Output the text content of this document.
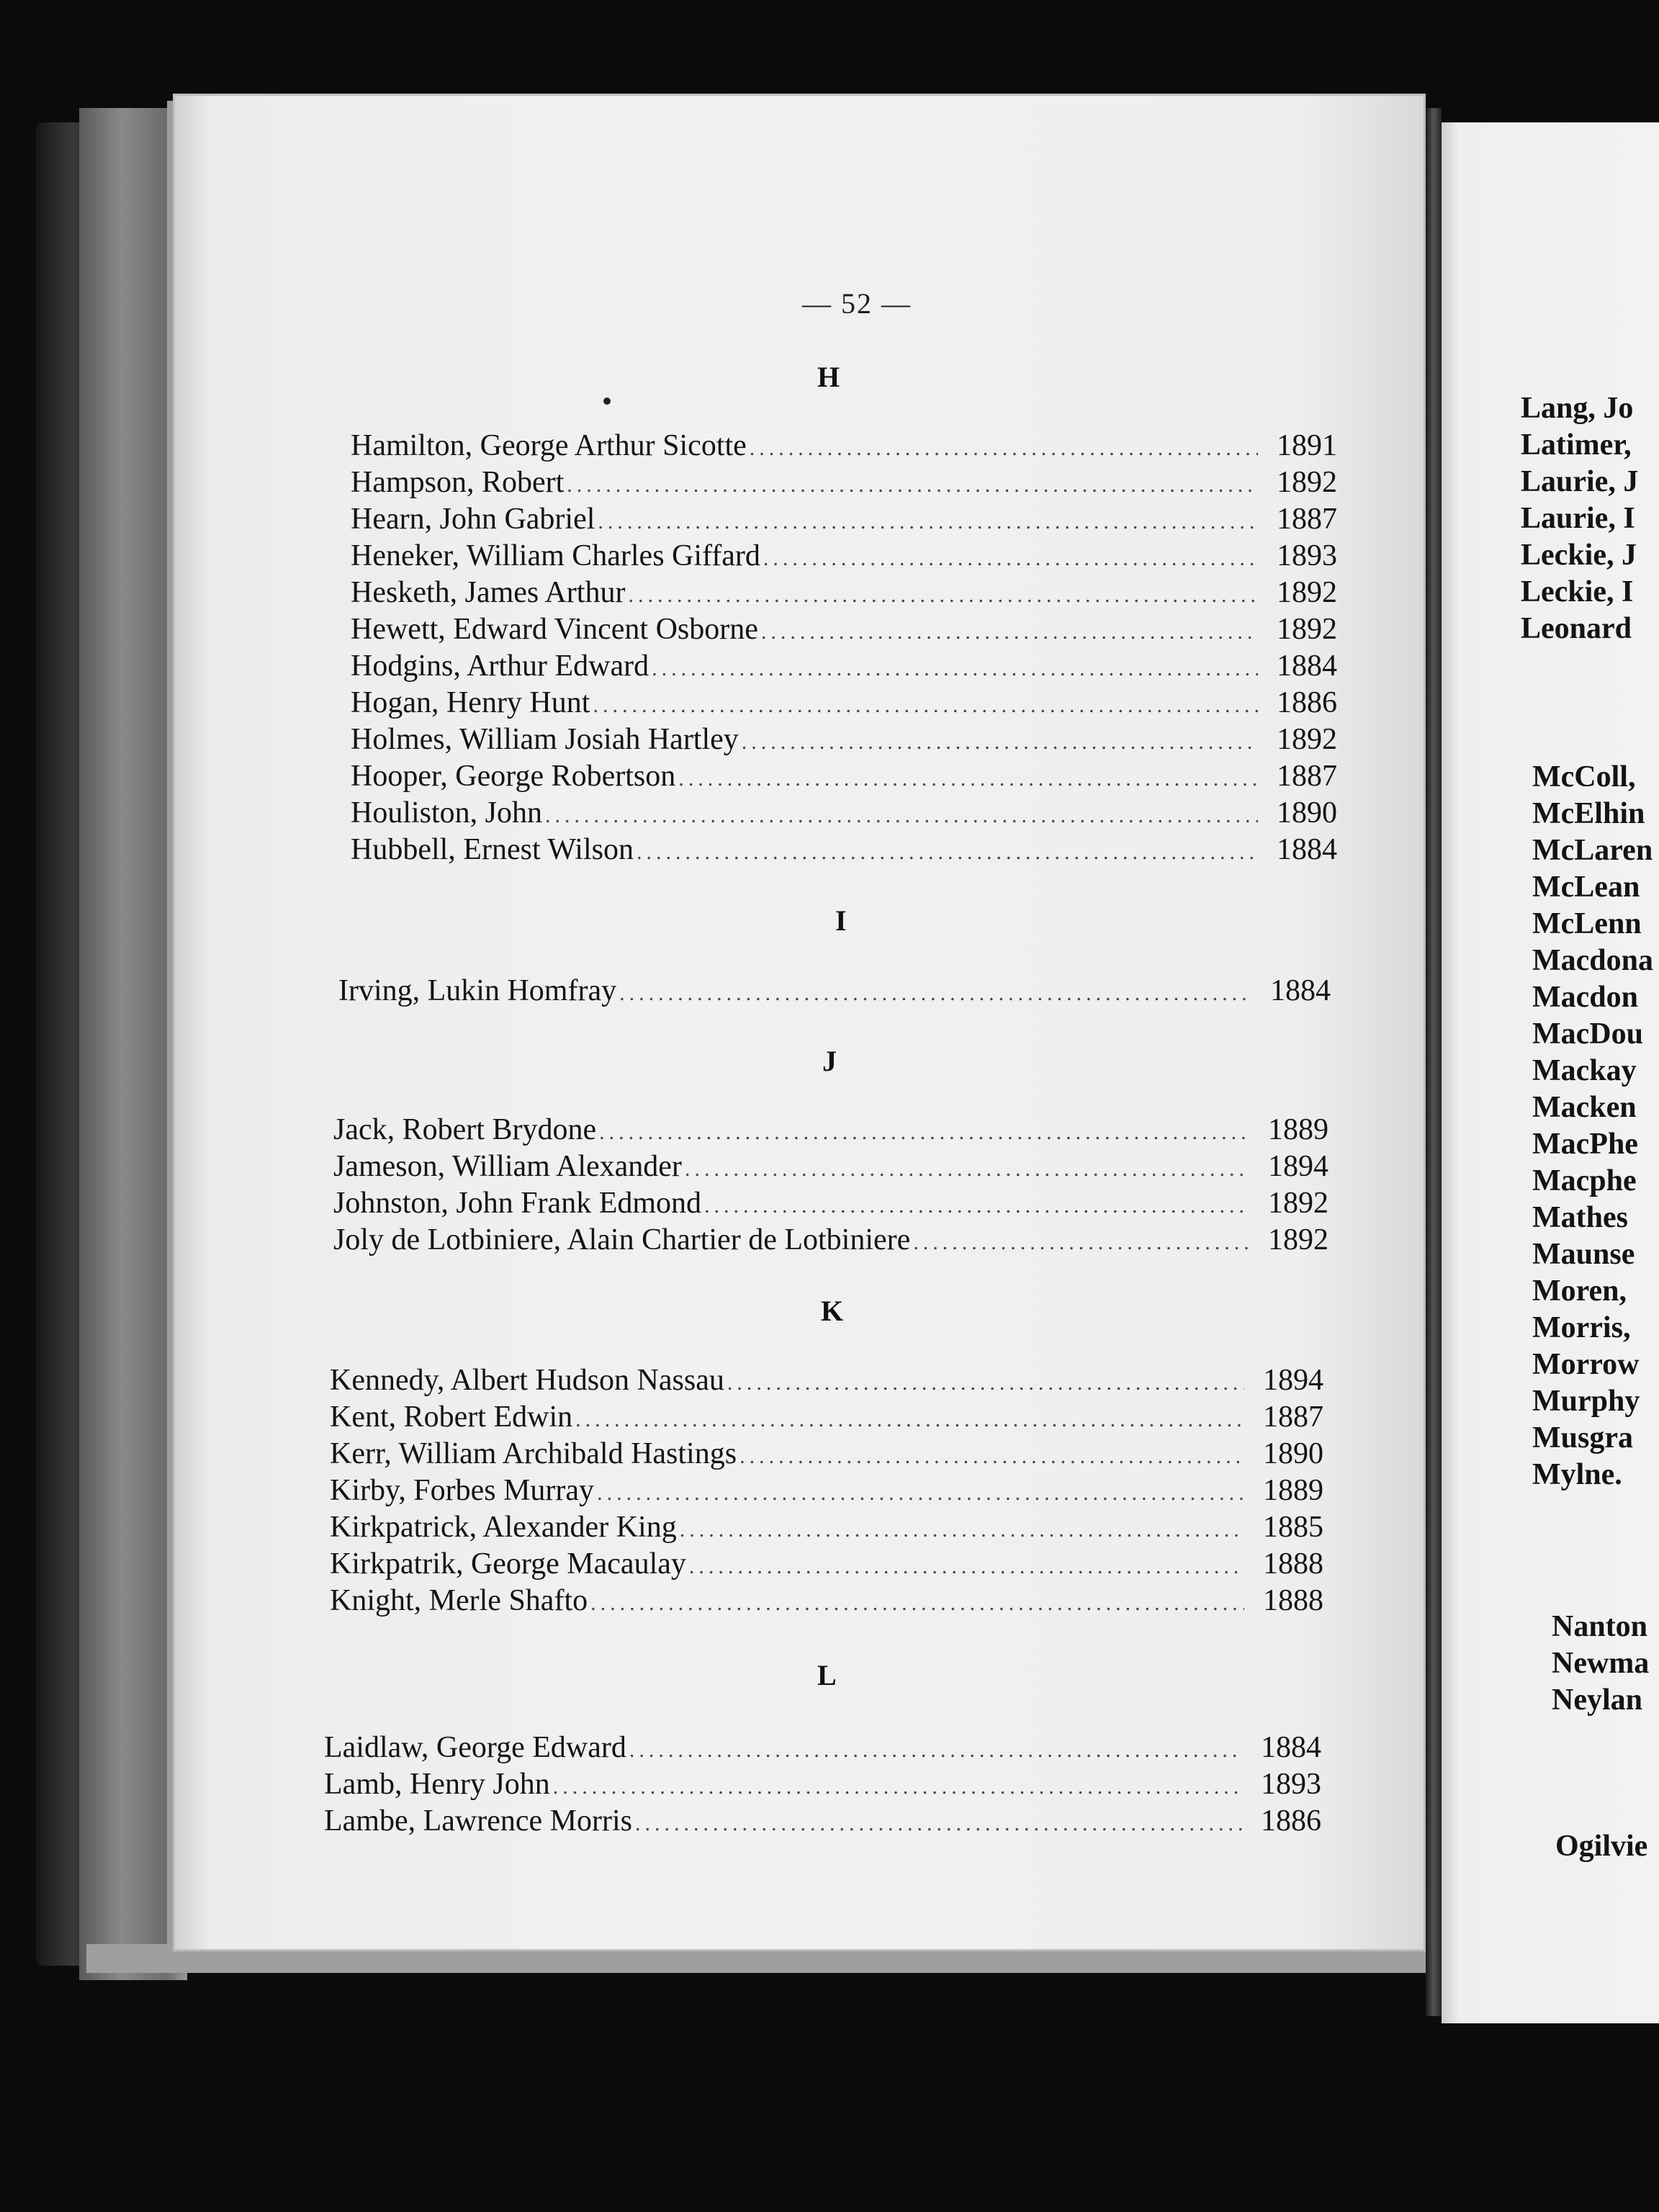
— 52 —
H
Hamilton, George Arthur Sicotte .....	1891
Hampson, Robert .....	1892
Hearn, John Gabriel .....	1887
Heneker, William Charles Giffard .....	1893
Hesketh, James Arthur .....	1892
Hewett, Edward Vincent Osborne .....	1892
Hodgins, Arthur Edward .....	1884
Hogan, Henry Hunt .....	1886
Holmes, William Josiah Hartley .....	1892
Hooper, George Robertson .....	1887
Houliston, John .....	1890
Hubbell, Ernest Wilson .....	1884
I
Irving, Lukin Homfray .....	1884
J
Jack, Robert Brydone .....	1889
Jameson, William Alexander .....	1894
Johnston, John Frank Edmond .....	1892
Joly de Lotbiniere, Alain Chartier de Lotbiniere .....	1892
K
Kennedy, Albert Hudson Nassau .....	1894
Kent, Robert Edwin .....	1887
Kerr, William Archibald Hastings .....	1890
Kirby, Forbes Murray .....	1889
Kirkpatrick, Alexander King .....	1885
Kirkpatrik, George Macaulay .....	1888
Knight, Merle Shafto .....	1888
L
Laidlaw, George Edward .....	1884
Lamb, Henry John .....	1893
Lambe, Lawrence Morris .....	1886
Lang, Jo
Latimer,
Laurie, J
Laurie, I
Leckie, J
Leckie, I
Leonard
McColl,
McElhin
McLaren
McLean
McLenn
Macdona
Macdon
MacDou
Mackay
Macken
MacPhe
Macphe
Mathes
Maunse
Moren,
Morris,
Morrow
Murphy
Musgra
Mylne.
Nanton
Newma
Neylan
Ogilvie
